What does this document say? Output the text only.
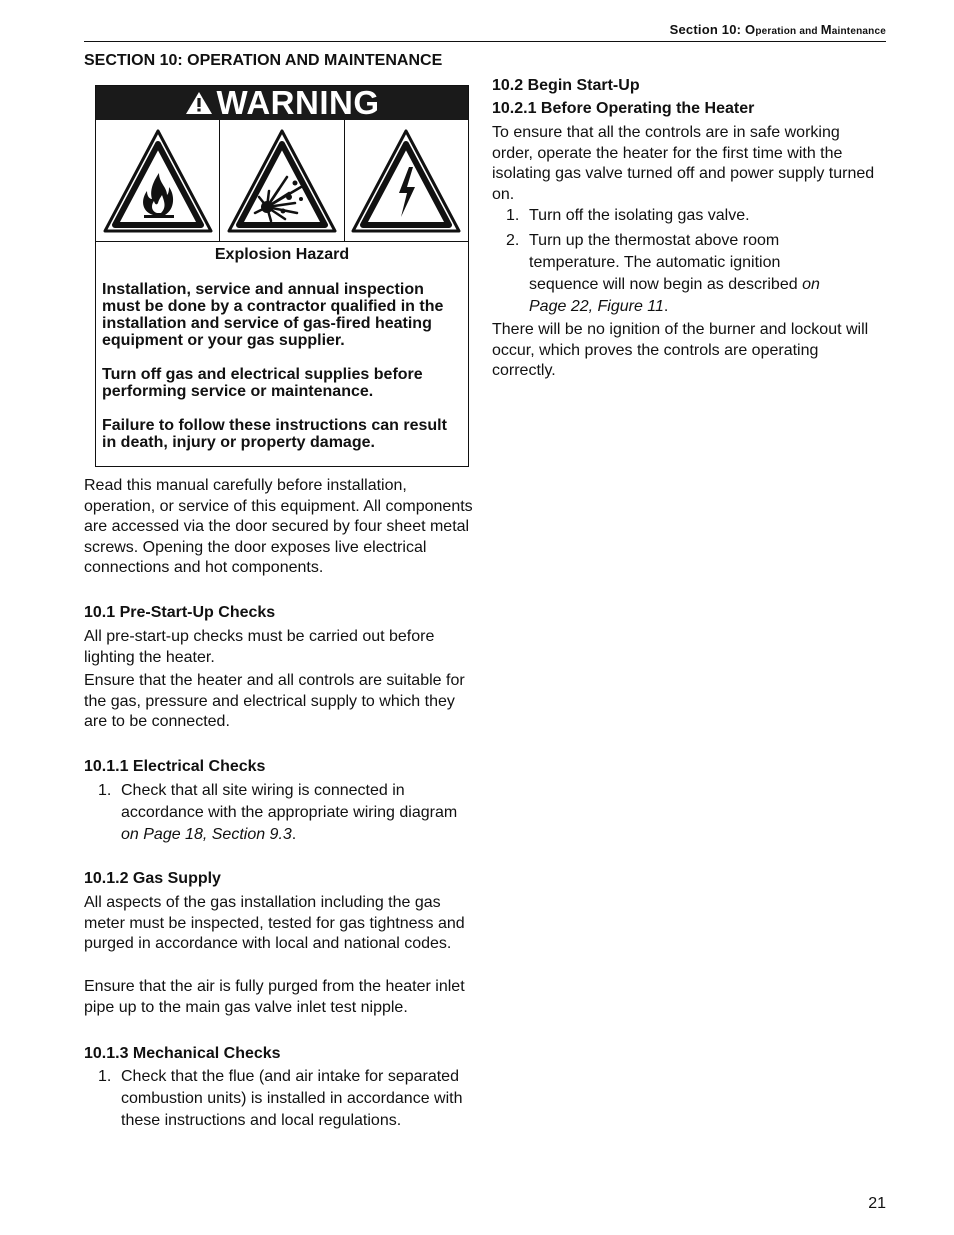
Section 10: Operation and Maintenance
SECTION 10: OPERATION AND MAINTENANCE
WARNING

Explosion Hazard

Installation, service and annual inspection must be done by a contractor qualified in the installation and service of gas-fired heating equipment or your gas supplier.

Turn off gas and electrical supplies before performing service or maintenance.

Failure to follow these instructions can result in death, injury or property damage.

Read this manual carefully before installation, operation, or service of this equipment. All components are accessed via the door secured by four sheet metal screws. Opening the door exposes live electrical connections and hot components.

10.1 Pre-Start-Up Checks

All pre-start-up checks must be carried out before lighting the heater.

Ensure that the heater and all controls are suitable for the gas, pressure and electrical supply to which they are to be connected.

10.1.1 Electrical Checks

1. Check that all site wiring is connected in accordance with the appropriate wiring diagram on Page 18, Section 9.3.

10.1.2 Gas Supply

All aspects of the gas installation including the gas meter must be inspected, tested for gas tightness and purged in accordance with local and national codes.

Ensure that the air is fully purged from the heater inlet pipe up to the main gas valve inlet test nipple.

10.1.3 Mechanical Checks

1. Check that the flue (and air intake for separated combustion units) is installed in accordance with these instructions and local regulations.

10.2 Begin Start-Up

10.2.1 Before Operating the Heater

To ensure that all the controls are in safe working order, operate the heater for the first time with the isolating gas valve turned off and power supply turned on.

1. Turn off the isolating gas valve.
2. Turn up the thermostat above room temperature. The automatic ignition sequence will now begin as described on Page 22, Figure 11.

There will be no ignition of the burner and lockout will occur, which proves the controls are operating correctly.

21
